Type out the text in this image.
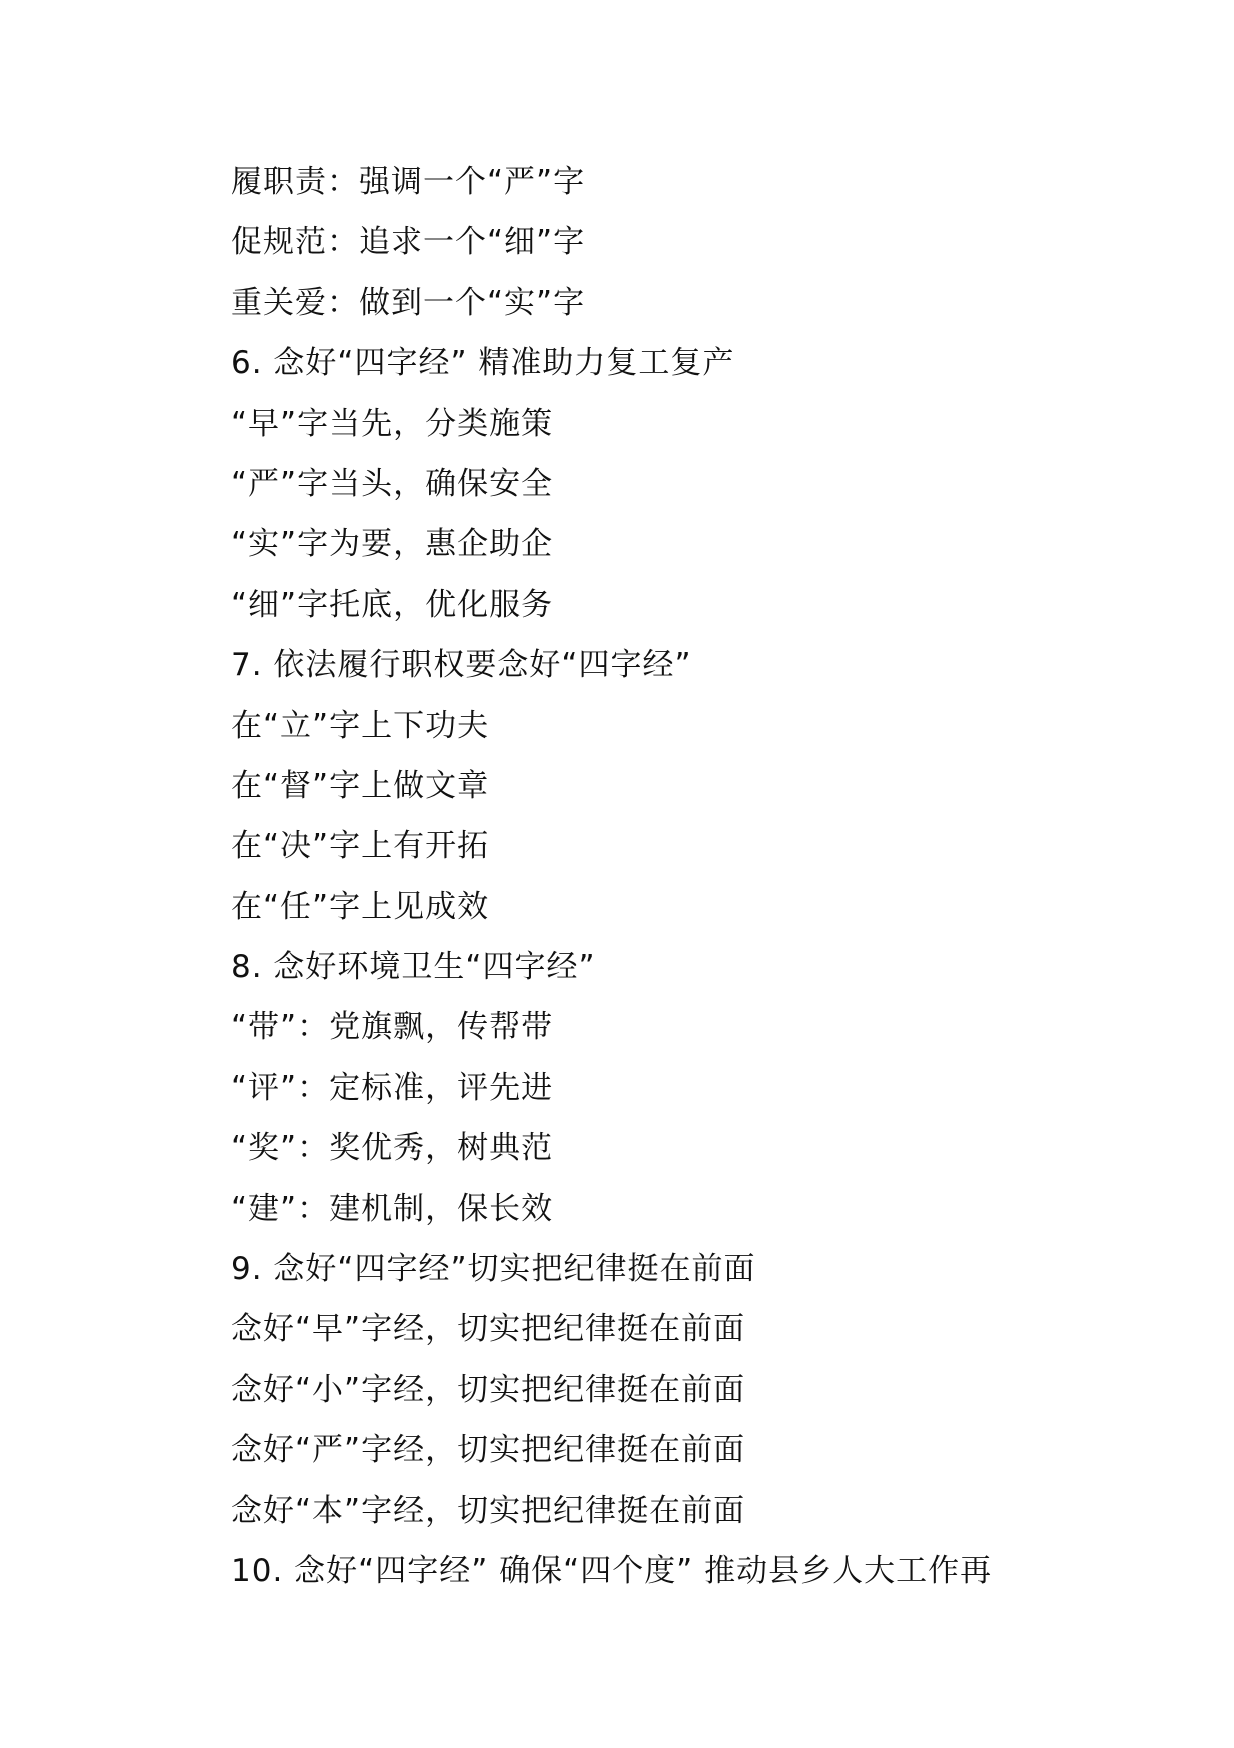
履职责：强调一个“严”字
促规范：追求一个“细”字
重关爱：做到一个“实”字
6. 念好“四字经” 精准助力复工复产
“早”字当先，分类施策
“严”字当头，确保安全
“实”字为要，惠企助企
“细”字托底，优化服务
7. 依法履行职权要念好“四字经”
在“立”字上下功夫
在“督”字上做文章
在“决”字上有开拓
在“任”字上见成效
8. 念好环境卫生“四字经”
“带”：党旗飘，传帮带
“评”：定标准，评先进
“奖”：奖优秀，树典范
“建”：建机制，保长效
9. 念好“四字经”切实把纪律挺在前面
念好“早”字经，切实把纪律挺在前面
念好“小”字经，切实把纪律挺在前面
念好“严”字经，切实把纪律挺在前面
念好“本”字经，切实把纪律挺在前面
10. 念好“四字经” 确保“四个度” 推动县乡人大工作再
